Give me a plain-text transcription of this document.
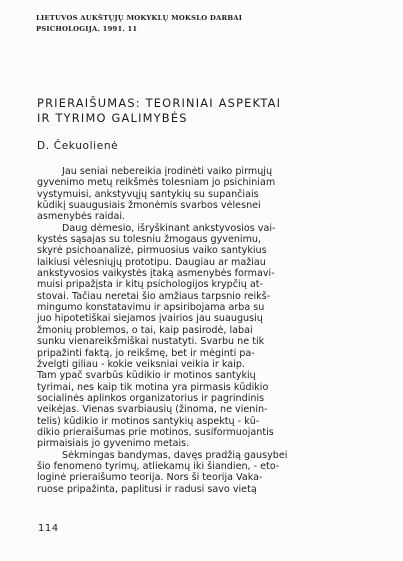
LIETUVOS AUKŠTŲJŲ MOKYKLŲ MOKSLO DARBAI
PSICHOLOGIJA. 1991. 11
PRIERAIŠUMAS: TEORINIAI ASPEKTAI
IR TYRIMO GALIMYBĖS
D. Čekuolienė
Jau seniai nebereikia įrodinėti vaiko pirmųjų
gyvenimo metų reikšmės tolesniam jo psichiniam
vystymuisi, ankstyvųjų santykių su supančiais
kūdikį suaugusiais žmonėmis svarbos vėlesnei
asmenybės raidai.
Daug dėmesio, išryškinant ankstyvosios vai-
kystės sąsajas su tolesniu žmogaus gyvenimu,
skyrė psichoanalizė, pirmuosius vaiko santykius
laikiusi vėlesniųjų prototipu. Daugiau ar mažiau
ankstyvosios vaikystės įtaką asmenybės formavi-
muisi pripažįsta ir kitų psichologijos krypčių at-
stovai. Tačiau neretai šio amžiaus tarpsnio reikš-
mingumo konstatavimu ir apsiribojama arba su
juo hipotetiškai siejamos įvairios jau suaugusių
žmonių problemos, o tai, kaip pasirodė, labai
sunku vienareikšmiškai nustatyti. Svarbu ne tik
pripažinti faktą, jo reikšmę, bet ir mėginti pa-
žvelgti giliau - kokie veiksniai veikia ir kaip.
Tam ypač svarbūs kūdikio ir motinos santykių
tyrimai, nes kaip tik motina yra pirmasis kūdikio
socialinės aplinkos organizatorius ir pagrindinis
veikėjas. Vienas svarbiausių (žinoma, ne vienin-
telis) kūdikio ir motinos santykių aspektų - kū-
dikio prieraišumas prie motinos, susiformuojantis
pirmaisiais jo gyvenimo metais.
Sėkmingas bandymas, davęs pradžią gausybei
šio fenomeno tyrimų, atliekamų iki šiandien, - eto-
loginė prieraišumo teorija. Nors ši teorija Vaka-
ruose pripažinta, paplitusi ir radusi savo vietą
114
